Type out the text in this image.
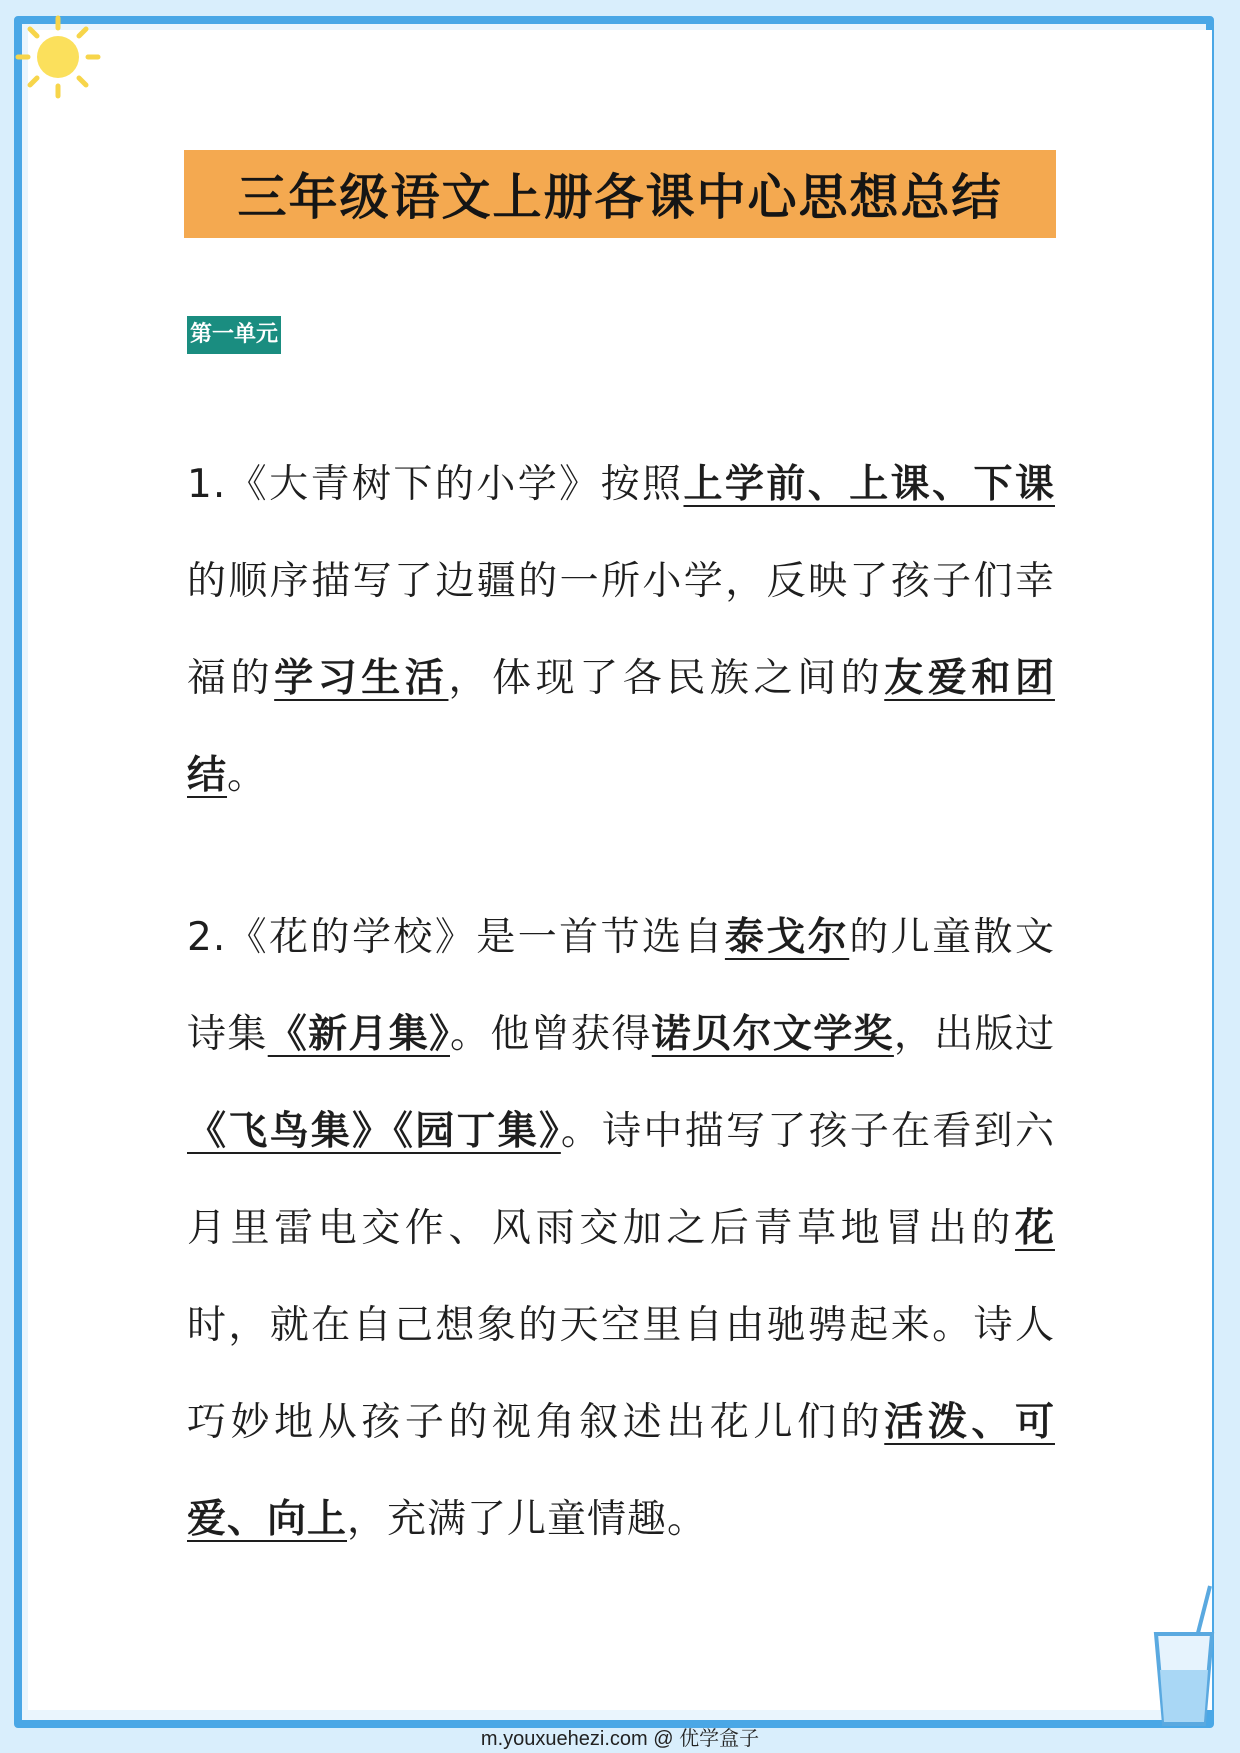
三年级语文上册各课中心思想总结
第一单元

1.《大青树下的小学》按照上学前、上课、下课的顺序描写了边疆的一所小学，反映了孩子们幸福的学习生活，体现了各民族之间的友爱和团结。

2.《花的学校》是一首节选自泰戈尔的儿童散文诗集《新月集》。他曾获得诺贝尔文学奖，出版过《飞鸟集》《园丁集》。诗中描写了孩子在看到六月里雷电交作、风雨交加之后青草地冒出的花时，就在自己想象的天空里自由驰骋起来。诗人巧妙地从孩子的视角叙述出花儿们的活泼、可爱、向上，充满了儿童情趣。

m.youxuehezi.com @ 优学盒子
